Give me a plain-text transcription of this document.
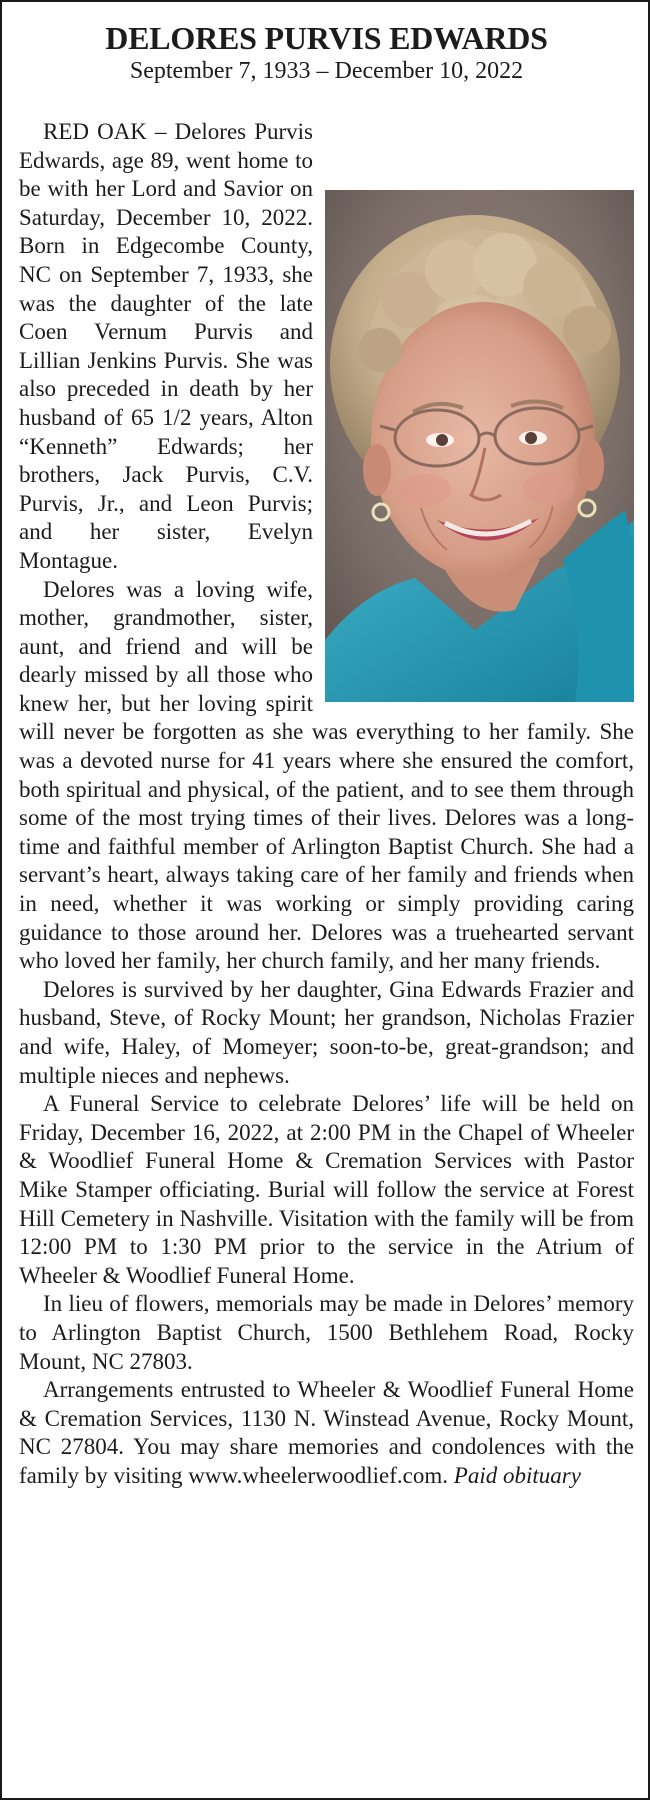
DELORES PURVIS EDWARDS
September 7, 1933 – December 10, 2022

RED OAK – Delores Purvis Edwards, age 89, went home to be with her Lord and Savior on Saturday, December 10, 2022. Born in Edgecombe County, NC on September 7, 1933, she was the daughter of the late Coen Vernum Purvis and Lillian Jenkins Purvis. She was also preceded in death by her husband of 65 1/2 years, Alton “Kenneth” Edwards; her brothers, Jack Purvis, C.V. Purvis, Jr., and Leon Purvis; and her sister, Evelyn Montague.

Delores was a loving wife, mother, grandmother, sister, aunt, and friend and will be dearly missed by all those who knew her, but her loving spirit will never be forgotten as she was everything to her family. She was a devoted nurse for 41 years where she ensured the comfort, both spiritual and physical, of the patient, and to see them through some of the most trying times of their lives. Delores was a long-time and faithful member of Arlington Baptist Church. She had a servant’s heart, always taking care of her family and friends when in need, whether it was working or simply providing caring guidance to those around her. Delores was a truehearted servant who loved her family, her church family, and her many friends.

Delores is survived by her daughter, Gina Edwards Frazier and husband, Steve, of Rocky Mount; her grandson, Nicholas Frazier and wife, Haley, of Momeyer; soon-to-be, great-grandson; and multiple nieces and nephews.

A Funeral Service to celebrate Delores’ life will be held on Friday, December 16, 2022, at 2:00 PM in the Chapel of Wheeler & Woodlief Funeral Home & Cremation Services with Pastor Mike Stamper officiating. Burial will follow the service at Forest Hill Cemetery in Nashville. Visitation with the family will be from 12:00 PM to 1:30 PM prior to the service in the Atrium of Wheeler & Woodlief Funeral Home.

In lieu of flowers, memorials may be made in Delores’ memory to Arlington Baptist Church, 1500 Bethlehem Road, Rocky Mount, NC 27803.

Arrangements entrusted to Wheeler & Woodlief Funeral Home & Cremation Services, 1130 N. Winstead Avenue, Rocky Mount, NC 27804. You may share memories and condolences with the family by visiting www.wheelerwoodlief.com. Paid obituary
